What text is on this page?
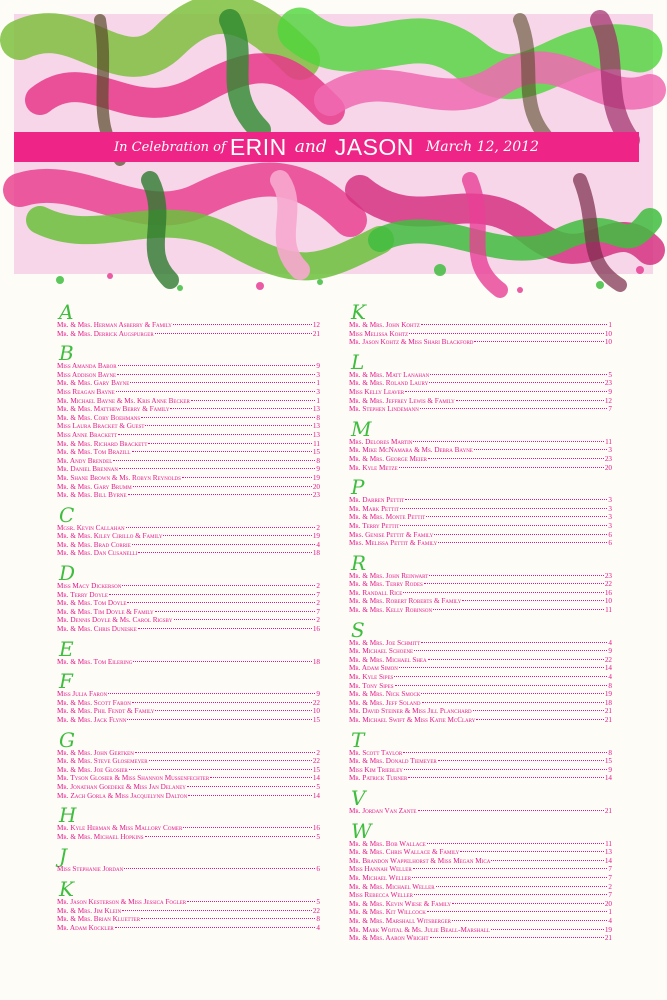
In Celebration of ERIN and JASON March 12, 2012
A
Mr. & Mrs. Herman Asberry & Family	12
Mr. & Mrs. Derrick Augspurger	21
B
Miss Amanda Babor	9
Miss Addison Bayne	3
Mr. & Mrs. Gary Bayne	1
Miss Reagan Bayne	3
Mr. Michael Bayne & Ms. Kris Anne Becker	1
Mr. & Mrs. Matthew Berry & Family	13
Mr. & Mrs. Cory Boehmans	8
Miss Laura Bracket & Guest	13
Miss Anne Brackett	13
Mr. & Mrs. Richard Brackett	11
Mr. & Mrs. Tom Brazill	15
Mr. Andy Brendel	8
Mr. Daniel Brennan	9
Mr. Shane Brown & Ms. Robyn Reynolds	19
Mr. & Mrs. Gary Brumm	20
Mr. & Mrs. Bill Byrne	23
C
Mgsr. Kevin Callahan	2
Mr. & Mrs. Kiley Cirillo & Family	19
Mr. & Mrs. Brad Corrie	4
Mr. & Mrs. Dan Cusanelli	18
D
Miss Macy Dickerson	2
Mr. Terry Doyle	7
Mr. & Mrs. Tom Doyle	2
Mr. & Mrs. Tim Doyle & Family	7
Mr. Dennis Doyle & Ms. Carol Rigsby	2
Mr. & Mrs. Chris Duneske	16
E
Mr. & Mrs. Tom Eilering	18
F
Miss Julia Faron	9
Mr. & Mrs. Scott Faron	22
Mr. & Mrs. Phil Fendt & Family	10
Mr. & Mrs. Jack Flynn	15
G
Mr. & Mrs. John Gertken	2
Mr. & Mrs. Steve Glosemeyer	22
Mr. & Mrs. Joe Glosier	15
Mr. Tyson Glosier & Miss Shannon Mussenfechter	14
Mr. Jonathan Goedeke & Miss Jan Delaney	5
Mr. Zach Gorla & Miss Jacquelynn Dalton	14
H
Mr. Kyle Herman & Miss Mallory Comer	16
Mr. & Mrs. Michael Hopkins	5
J
Miss Stephanie Jordan	6
K
Mr. Jason Kesterson & Miss Jessica Fogler	5
Mr. & Mrs. Jim Klein	22
Mr. & Mrs. Brian Kluetter	8
Mr. Adam Kockler	4
K
Mr. & Mrs. John Kohtz	1
Miss Melissa Kohtz	10
Mr. Jason Kohtz & Miss Shari Blackford	10
L
Mr. & Mrs. Matt Lanahan	5
Mr. & Mrs. Roland Laury	23
Miss Kelly Leaver	9
Mr. & Mrs. Jeffrey Lewis & Family	12
Mr. Stephen Lindemann	7
M
Mrs. Delores Martin	11
Mr. Mike McNamara & Ms. Debra Bayne	3
Mr. & Mrs. George Meier	23
Mr. Kyle Metze	20
P
Mr. Darren Pettit	3
Mr. Mark Pettit	3
Mr. & Mrs. Monte Pettit	3
Mr. Terry Pettit	3
Mrs. Genise Pettit & Family	6
Mrs. Melissa Pettit & Family	6
R
Mr. & Mrs. John Reinwart	23
Mr. & Mrs. Terry Rodes	22
Mr. Randall Rice	16
Mr. & Mrs. Robert Roberts & Family	10
Mr. & Mrs. Kelly Robinson	11
S
Mr. & Mrs. Joe Schmitt	4
Mr. Michael Schoene	9
Mr. & Mrs. Michael Shea	22
Mr. Adam Simon	14
Mr. Kyle Sipes	4
Mr. Tony Sipes	8
Mr. & Mrs. Nick Smock	19
Mr. & Mrs. Jeff Soland	18
Mr. David Steiner & Miss Jill Planchard	21
Mr. Michael Swift & Miss Katie McClary	21
T
Mr. Scott Taylor	8
Mr. & Mrs. Donald Tiemeyer	15
Miss Kim Triebley	9
Mr. Patrick Turner	14
V
Mr. Jordan Van Zante	21
W
Mr. & Mrs. Bob Wallace	11
Mr. & Mrs. Chris Wallace & Family	13
Mr. Brandon Wappelhorst & Miss Megan Mica	14
Miss Hannah Weller	7
Mr. Michael Weller	7
Mr. & Mrs. Michael Weller	2
Miss Rebecca Weller	7
Mr. & Mrs. Kevin Wiese & Family	20
Mr. & Mrs. Kit Willcock	1
Mr. & Mrs. Marshall Witsberger	4
Mr. Mark Wojtal & Ms. Julie Beall-Marshall	19
Mr. & Mrs. Aaron Wright	21
